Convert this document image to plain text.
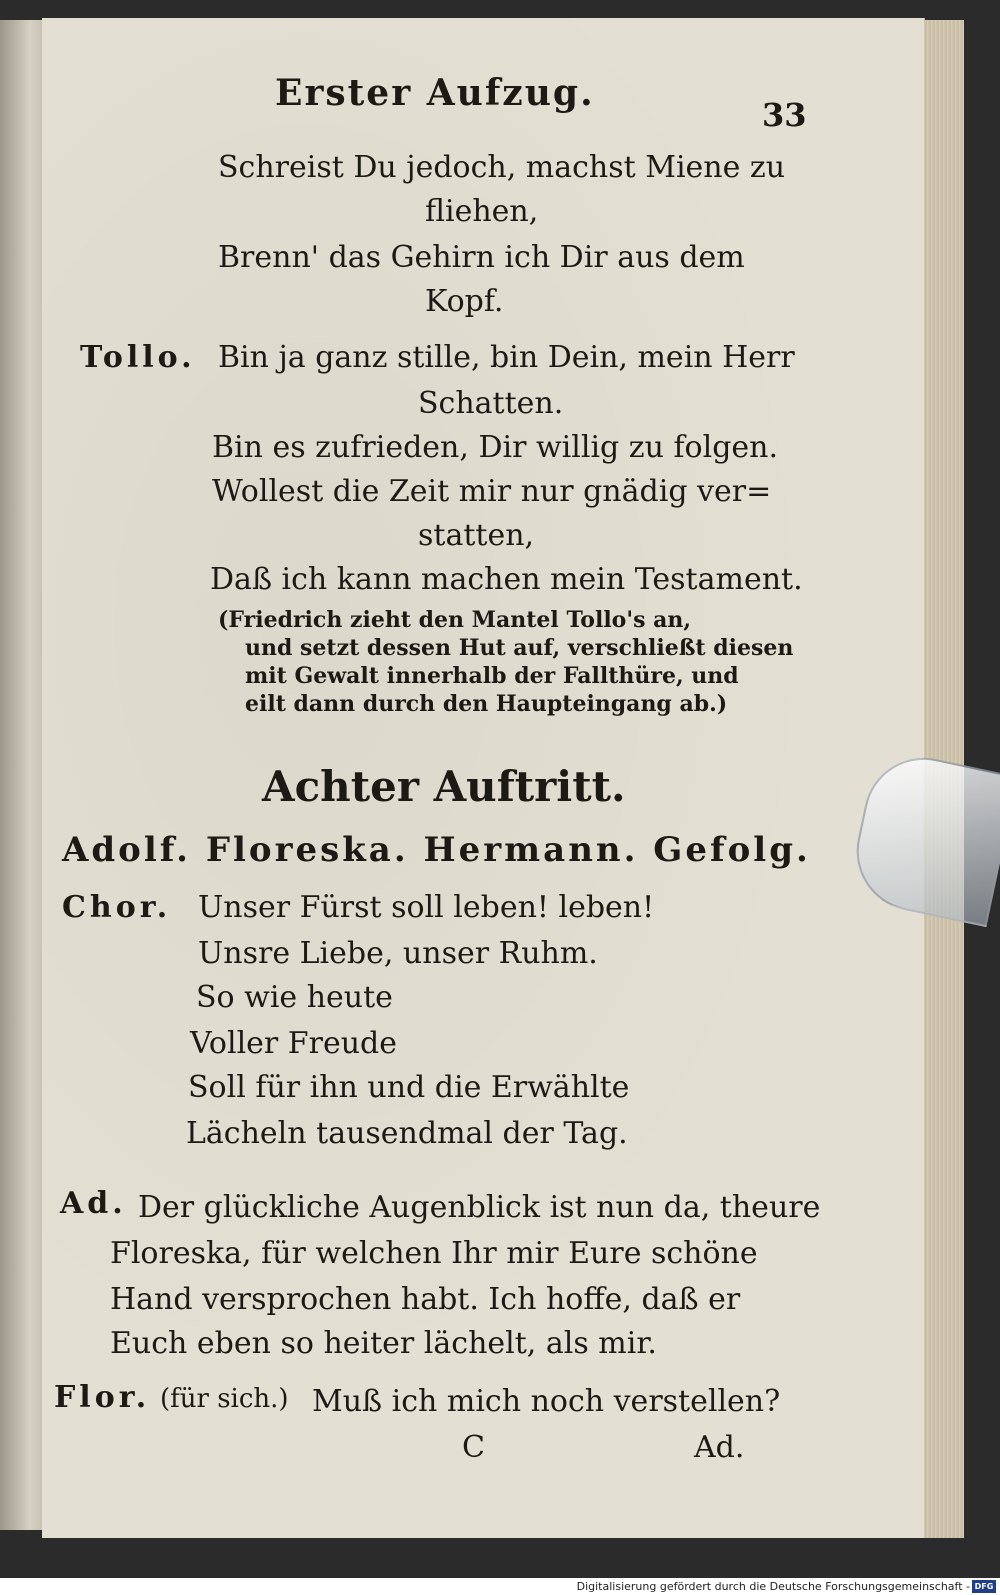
Erster Aufzug.
33
Schreist Du jedoch, machst Miene zu
fliehen,
Brenn' das Gehirn ich Dir aus dem
Kopf.
Tollo. Bin ja ganz stille, bin Dein, mein Herr
Schatten.
Bin es zufrieden, Dir willig zu folgen.
Wollest die Zeit mir nur gnädig ver=
statten,
Daß ich kann machen mein Testament.
(Friedrich zieht den Mantel Tollo's an,
und setzt dessen Hut auf, verschließt diesen
mit Gewalt innerhalb der Fallthüre, und
eilt dann durch den Haupteingang ab.)
Achter Auftritt.
Adolf. Floreska. Hermann. Gefolg.
Chor. Unser Fürst soll leben! leben!
Unsre Liebe, unser Ruhm.
So wie heute
Voller Freude
Soll für ihn und die Erwählte
Lächeln tausendmal der Tag.
Ad. Der glückliche Augenblick ist nun da, theure
Floreska, für welchen Ihr mir Eure schöne
Hand versprochen habt. Ich hoffe, daß er
Euch eben so heiter lächelt, als mir.
Flor. (für sich.) Muß ich mich noch verstellen?
C	Ad.
Digitalisierung gefördert durch die Deutsche Forschungsgemeinschaft - DFG
